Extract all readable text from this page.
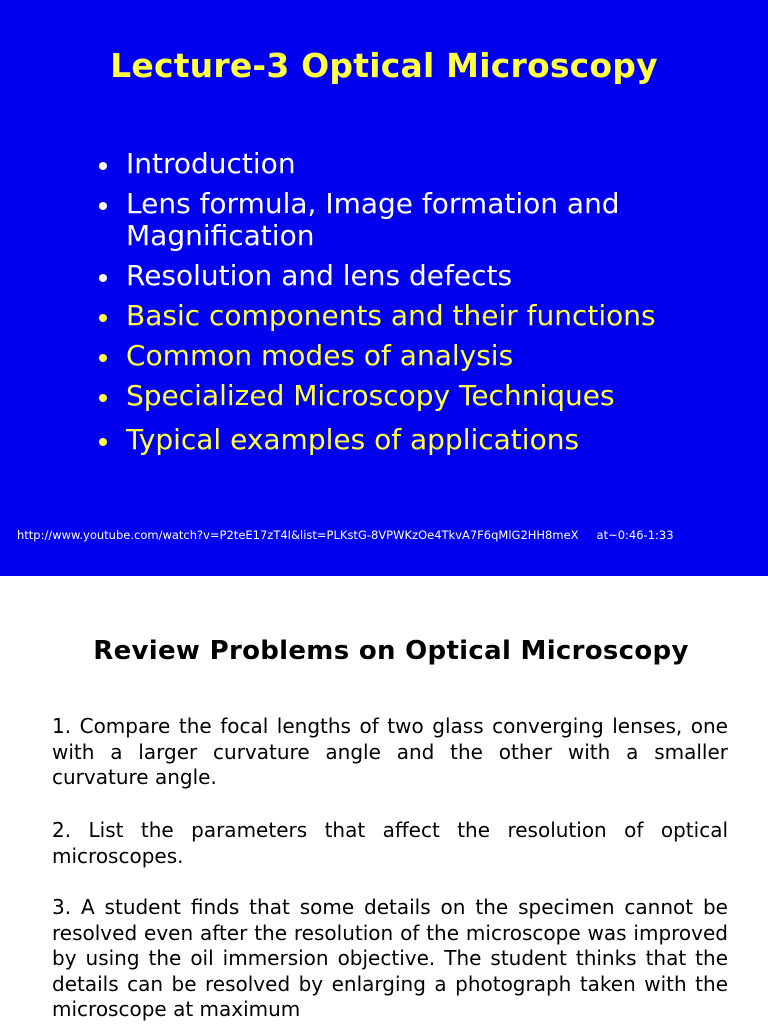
Lecture-3 Optical Microscopy
Introduction
Lens formula, Image formation and Magnification
Resolution and lens defects
Basic components and their functions
Common modes of analysis
Specialized Microscopy Techniques
Typical examples of applications
http://www.youtube.com/watch?v=P2teE17zT4I&list=PLKstG-8VPWKzOe4TkvA7F6qMlG2HH8meX at~0:46-1:33
Review Problems on Optical Microscopy

1. Compare the focal lengths of two glass converging lenses, one with a larger curvature angle and the other with a smaller curvature angle.

2. List the parameters that affect the resolution of optical microscopes.

3. A student finds that some details on the specimen cannot be resolved even after the resolution of the microscope was improved by using the oil immersion objective. The student thinks that the details can be resolved by enlarging a photograph taken with the microscope at maximum
